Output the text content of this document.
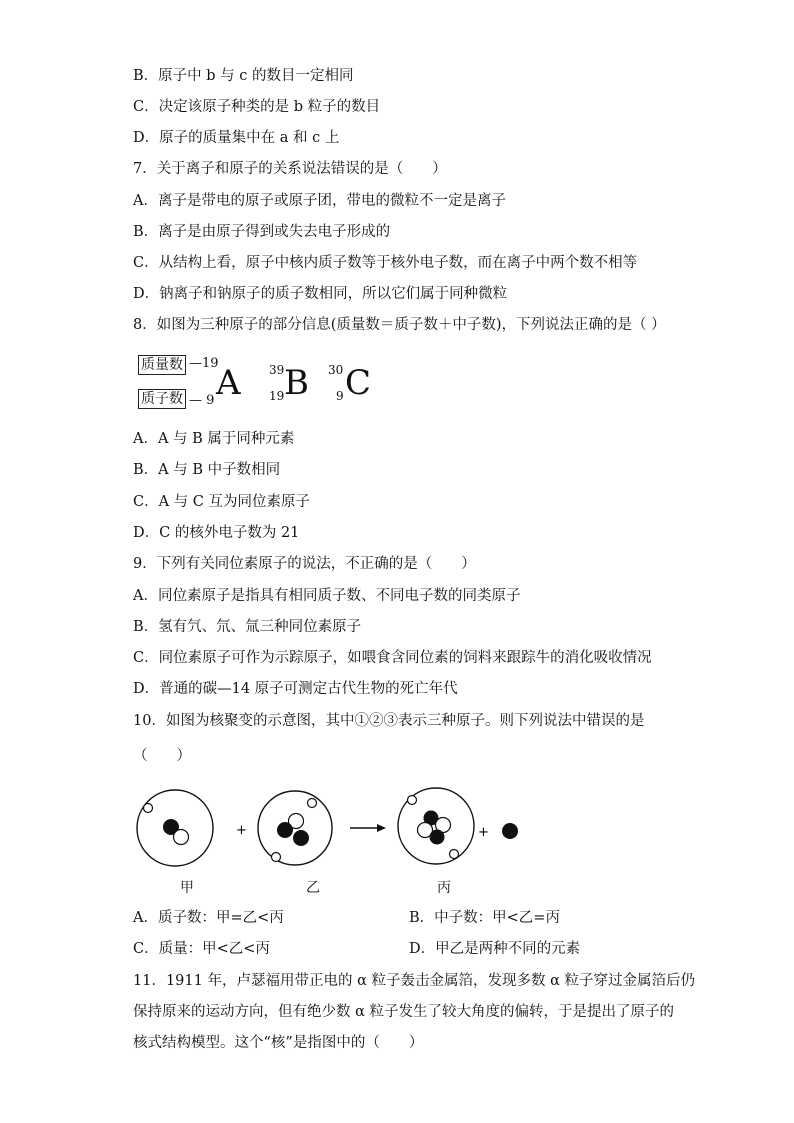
B．原子中 b 与 c 的数目一定相同
C．决定该原子种类的是 b 粒子的数目
D．原子的质量集中在 a 和 c 上
7．关于离子和原子的关系说法错误的是（　　）
A．离子是带电的原子或原子团，带电的微粒不一定是离子
B．离子是由原子得到或失去电子形成的
C．从结构上看，原子中核内质子数等于核外电子数，而在离子中两个数不相等
D．钠离子和钠原子的质子数相同，所以它们属于同种微粒
8．如图为三种原子的部分信息(质量数＝质子数＋中子数)，下列说法正确的是（ ）
质量数 —19
质子数 — 9 A 39
19 B 30
9 C
A．A 与 B 属于同种元素
B．A 与 B 中子数相同
C．A 与 C 互为同位素原子
D．C 的核外电子数为 21
9．下列有关同位素原子的说法，不正确的是（　　）
A．同位素原子是指具有相同质子数、不同电子数的同类原子
B．氢有氕、氘、氚三种同位素原子
C．同位素原子可作为示踪原子，如喂食含同位素的饲料来跟踪牛的消化吸收情况
D．普通的碳—14 原子可测定古代生物的死亡年代
10．如图为核聚变的示意图，其中①②③表示三种原子。则下列说法中错误的是
（　　）
+	+
甲	乙	丙
A．质子数：甲=乙<丙	B．中子数：甲<乙=丙
C．质量：甲<乙<丙	D．甲乙是两种不同的元素
11．1911 年，卢瑟福用带正电的 α 粒子轰击金属箔，发现多数 α 粒子穿过金属箔后仍
保持原来的运动方向，但有绝少数 α 粒子发生了较大角度的偏转，于是提出了原子的
核式结构模型。这个“核”是指图中的（　　）
